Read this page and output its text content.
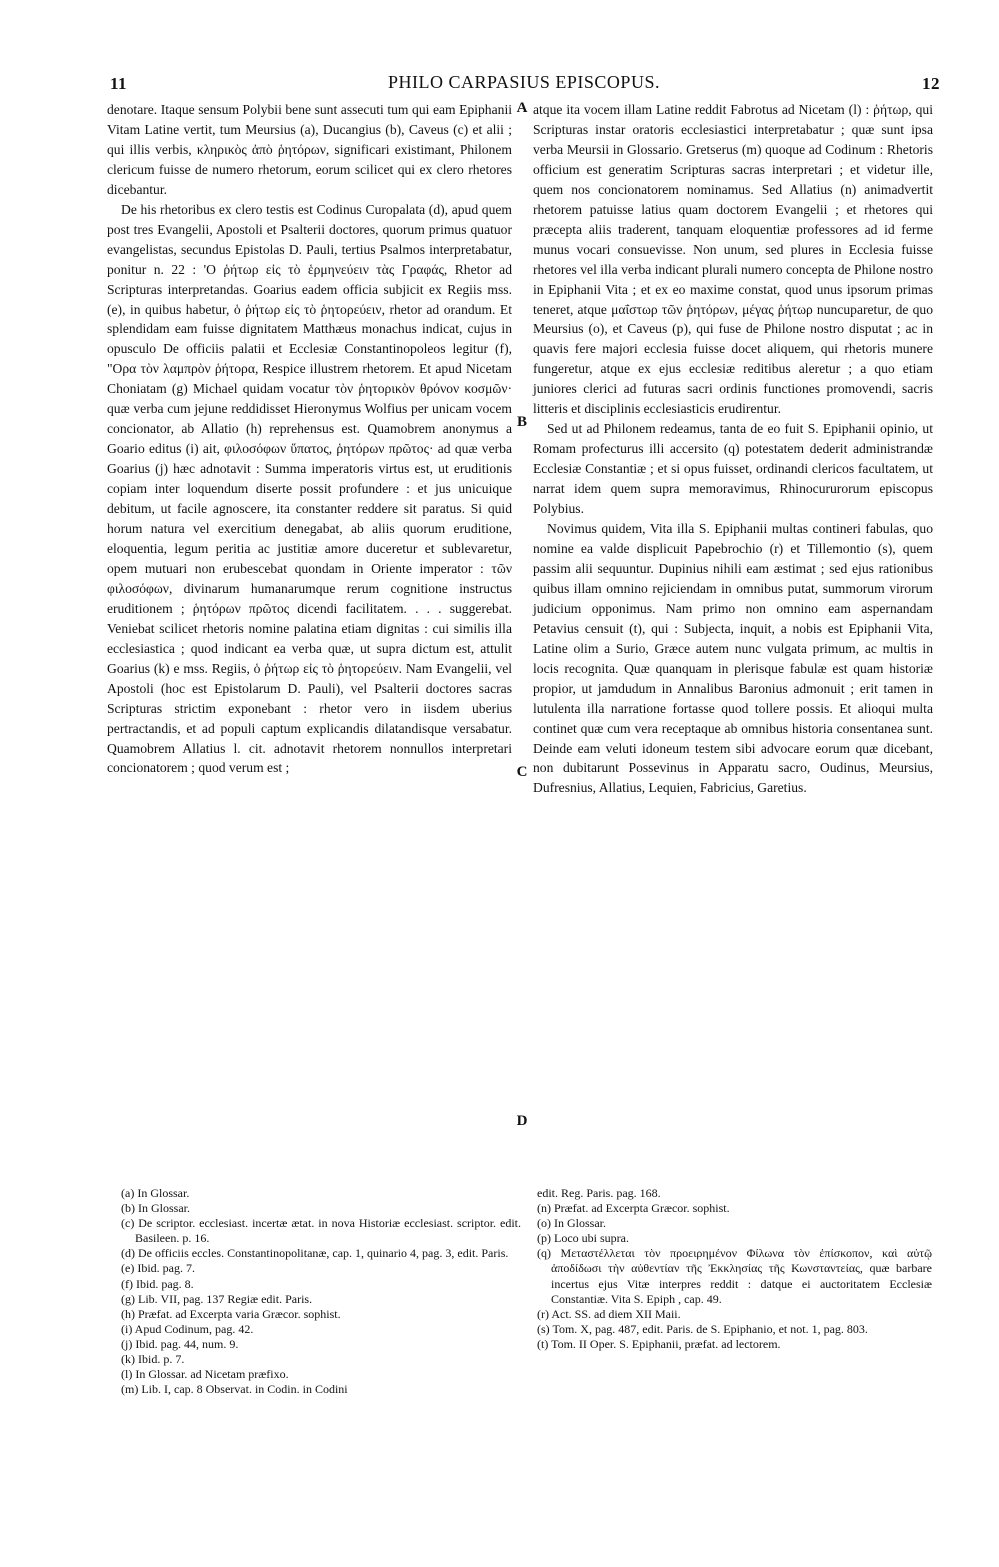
11	PHILO CARPASIUS EPISCOPUS.	12
A
B
C
D

denotare. Itaque sensum Polybii bene sunt assecuti tum qui eam Epiphanii Vitam Latine vertit, tum Meursius (a), Ducangius (b), Caveus (c) et alii ; qui illis verbis, κληρικὸς ἀπὸ ῥητόρων, significari existimant, Philonem clericum fuisse de numero rhetorum, eorum scilicet qui ex clero rhetores dicebantur.

De his rhetoribus ex clero testis est Codinus Curopalata (d), apud quem post tres Evangelii, Apostoli et Psalterii doctores, quorum primus quatuor evangelistas, secundus Epistolas D. Pauli, tertius Psalmos interpretabatur, ponitur n. 22 : 'Ο ῥήτωρ εἰς τὸ ἑρμηνεύειν τὰς Γραφάς, Rhetor ad Scripturas interpretandas. Goarius eadem officia subjicit ex Regiis mss. (e), in quibus habetur, ὁ ῥήτωρ εἰς τὸ ῥητορεύειν, rhetor ad orandum. Et splendidam eam fuisse dignitatem Matthæus monachus indicat, cujus in opusculo De officiis palatii et Ecclesiæ Constantinopoleos legitur (f), "Ορα τὸν λαμπρὸν ῥήτορα, Respice illustrem rhetorem. Et apud Nicetam Choniatam (g) Michael quidam vocatur τὸν ῥητορικὸν θρόνον κοσμῶν· quæ verba cum jejune reddidisset Hieronymus Wolfius per unicam vocem concionator, ab Allatio (h) reprehensus est. Quamobrem anonymus a Goario editus (i) ait, φιλοσόφων ὕπατος, ῥητόρων πρῶτος· ad quæ verba Goarius (j) hæc adnotavit : Summa imperatoris virtus est, ut eruditionis copiam inter loquendum diserte possit profundere : et jus unicuique debitum, ut facile agnoscere, ita constanter reddere sit paratus. Si quid horum natura vel exercitium denegabat, ab aliis quorum eruditione, eloquentia, legum peritia ac justitiæ amore duceretur et sublevaretur, opem mutuari non erubescebat quondam in Oriente imperator : τῶν φιλοσόφων, divinarum humanarumque rerum cognitione instructus eruditionem ; ῥητόρων πρῶτος dicendi facilitatem. . . . suggerebat. Veniebat scilicet rhetoris nomine palatina etiam dignitas : cui similis illa ecclesiastica ; quod indicant ea verba quæ, ut supra dictum est, attulit Goarius (k) e mss. Regiis, ὁ ῥήτωρ εἰς τὸ ῥητορεύειν. Nam Evangelii, vel Apostoli (hoc est Epistolarum D. Pauli), vel Psalterii doctores sacras Scripturas strictim exponebant : rhetor vero in iisdem uberius pertractandis, et ad populi captum explicandis dilatandisque versabatur. Quamobrem Allatius l. cit. adnotavit rhetorem nonnullos interpretari concionatorem ; quod verum est ;

atque ita vocem illam Latine reddit Fabrotus ad Nicetam (l) : ῥήτωρ, qui Scripturas instar oratoris ecclesiastici interpretabatur ; quæ sunt ipsa verba Meursii in Glossario. Gretserus (m) quoque ad Codinum : Rhetoris officium est generatim Scripturas sacras interpretari ; et videtur ille, quem nos concionatorem nominamus. Sed Allatius (n) animadvertit rhetorem patuisse latius quam doctorem Evangelii ; et rhetores qui præcepta aliis traderent, tanquam eloquentiæ professores ad id ferme munus vocari consuevisse. Non unum, sed plures in Ecclesia fuisse rhetores vel illa verba indicant plurali numero concepta de Philone nostro in Epiphanii Vita ; et ex eo maxime constat, quod unus ipsorum primas teneret, atque μαΐστωρ τῶν ῥητόρων, μέγας ῥήτωρ nuncuparetur, de quo Meursius (o), et Caveus (p), qui fuse de Philone nostro disputat ; ac in quavis fere majori ecclesia fuisse docet aliquem, qui rhetoris munere fungeretur, atque ex ejus ecclesiæ reditibus aleretur ; a quo etiam juniores clerici ad futuras sacri ordinis functiones promovendi, sacris litteris et disciplinis ecclesiasticis erudirentur.

Sed ut ad Philonem redeamus, tanta de eo fuit S. Epiphanii opinio, ut Romam profecturus illi accersito (q) potestatem dederit administrandæ Ecclesiæ Constantiæ ; et si opus fuisset, ordinandi clericos facultatem, ut narrat idem quem supra memoravimus, Rhinocururorum episcopus Polybius.

Novimus quidem, Vita illa S. Epiphanii multas contineri fabulas, quo nomine ea valde displicuit Papebrochio (r) et Tillemontio (s), quem passim alii sequuntur. Dupinius nihili eam æstimat ; sed ejus rationibus quibus illam omnino rejiciendam in omnibus putat, summorum virorum judicium opponimus. Nam primo non omnino eam aspernandam Petavius censuit (t), qui : Subjecta, inquit, a nobis est Epiphanii Vita, Latine olim a Surio, Græce autem nunc vulgata primum, ac multis in locis recognita. Quæ quanquam in plerisque fabulæ est quam historiæ propior, ut jamdudum in Annalibus Baronius admonuit ; erit tamen in lutulenta illa narratione fortasse quod tollere possis. Et alioqui multa continet quæ cum vera receptaque ab omnibus historia consentanea sunt. Deinde eam veluti idoneum testem sibi advocare eorum quæ dicebant, non dubitarunt Possevinus in Apparatu sacro, Oudinus, Meursius, Dufresnius, Allatius, Lequien, Fabricius, Garetius.

(a) In Glossar.
(b) In Glossar.
(c) De scriptor. ecclesiast. incertæ ætat. in nova Historiæ ecclesiast. scriptor. edit. Basileen. p. 16.
(d) De officiis eccles. Constantinopolitanæ, cap. 1, quinario 4, pag. 3, edit. Paris.
(e) Ibid. pag. 7.
(f) Ibid. pag. 8.
(g) Lib. VII, pag. 137 Regiæ edit. Paris.
(h) Præfat. ad Excerpta varia Græcor. sophist.
(i) Apud Codinum, pag. 42.
(j) Ibid. pag. 44, num. 9.
(k) Ibid. p. 7.
(l) In Glossar. ad Nicetam præfixo.
(m) Lib. I, cap. 8 Observat. in Codin. in Codini
edit. Reg. Paris. pag. 168.
(n) Præfat. ad Excerpta Græcor. sophist.
(o) In Glossar.
(p) Loco ubi supra.
(q) Μεταστέλλεται τὸν προειρημένον Φίλωνα τὸν ἐπίσκοπον, καὶ αὐτῷ ἀποδίδωσι τὴν αὐθεντίαν τῆς Ἐκκλησίας τῆς Κωνσταντείας, quæ barbare incertus ejus Vitæ interpres reddit : datque ei auctoritatem Ecclesiæ Constantiæ. Vita S. Epiph , cap. 49.
(r) Act. SS. ad diem XII Maii.
(s) Tom. X, pag. 487, edit. Paris. de S. Epiphanio, et not. 1, pag. 803.
(t) Tom. II Oper. S. Epiphanii, præfat. ad lectorem.
